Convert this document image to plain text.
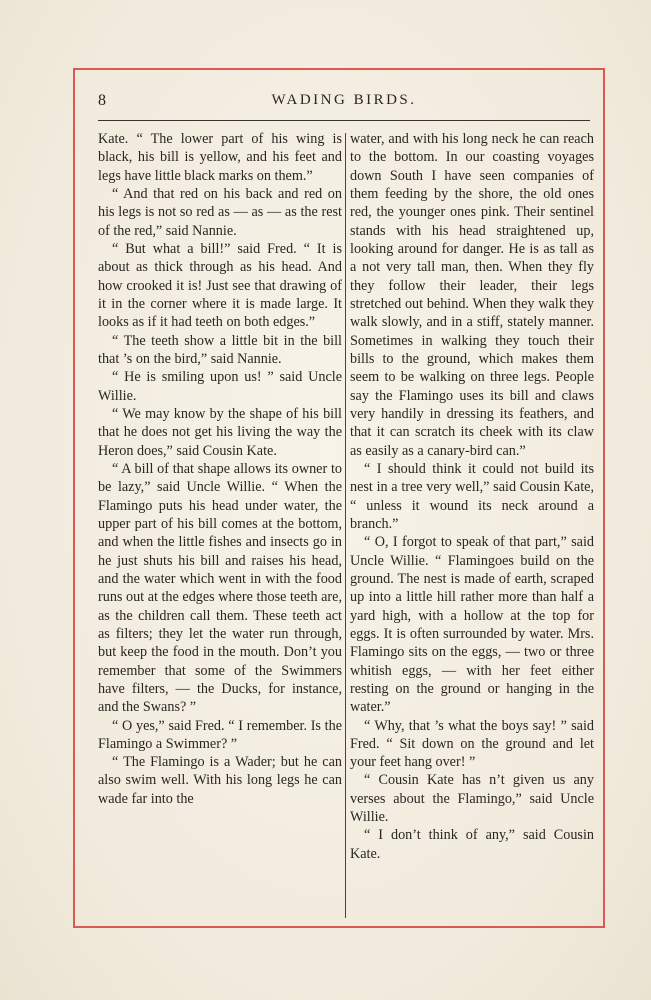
8	WADING BIRDS.

Kate. “ The lower part of his wing is black, his bill is yellow, and his feet and legs have little black marks on them.”

“ And that red on his back and red on his legs is not so red as — as — as the rest of the red,” said Nannie.

“ But what a bill!” said Fred. “ It is about as thick through as his head. And how crooked it is! Just see that drawing of it in the corner where it is made large. It looks as if it had teeth on both edges.”

“ The teeth show a little bit in the bill that ’s on the bird,” said Nannie.

“ He is smiling upon us! ” said Uncle Willie.

“ We may know by the shape of his bill that he does not get his living the way the Heron does,” said Cousin Kate.

“ A bill of that shape allows its owner to be lazy,” said Uncle Willie. “ When the Flamingo puts his head under water, the upper part of his bill comes at the bottom, and when the little fishes and insects go in he just shuts his bill and raises his head, and the water which went in with the food runs out at the edges where those teeth are, as the children call them. These teeth act as filters; they let the water run through, but keep the food in the mouth. Don’t you remember that some of the Swimmers have filters, — the Ducks, for instance, and the Swans? ”

“ O yes,” said Fred. “ I remember. Is the Flamingo a Swimmer? ”

“ The Flamingo is a Wader; but he can also swim well. With his long legs he can wade far into the

water, and with his long neck he can reach to the bottom. In our coasting voyages down South I have seen companies of them feeding by the shore, the old ones red, the younger ones pink. Their sentinel stands with his head straightened up, looking around for danger. He is as tall as a not very tall man, then. When they fly they follow their leader, their legs stretched out behind. When they walk they walk slowly, and in a stiff, stately manner. Sometimes in walking they touch their bills to the ground, which makes them seem to be walking on three legs. People say the Flamingo uses its bill and claws very handily in dressing its feathers, and that it can scratch its cheek with its claw as easily as a canary-bird can.”

“ I should think it could not build its nest in a tree very well,” said Cousin Kate, “ unless it wound its neck around a branch.”

“ O, I forgot to speak of that part,” said Uncle Willie. “ Flamingoes build on the ground. The nest is made of earth, scraped up into a little hill rather more than half a yard high, with a hollow at the top for eggs. It is often surrounded by water. Mrs. Flamingo sits on the eggs, — two or three whitish eggs, — with her feet either resting on the ground or hanging in the water.”

“ Why, that ’s what the boys say! ” said Fred. “ Sit down on the ground and let your feet hang over! ”

“ Cousin Kate has n’t given us any verses about the Flamingo,” said Uncle Willie.

“ I don’t think of any,” said Cousin Kate.
